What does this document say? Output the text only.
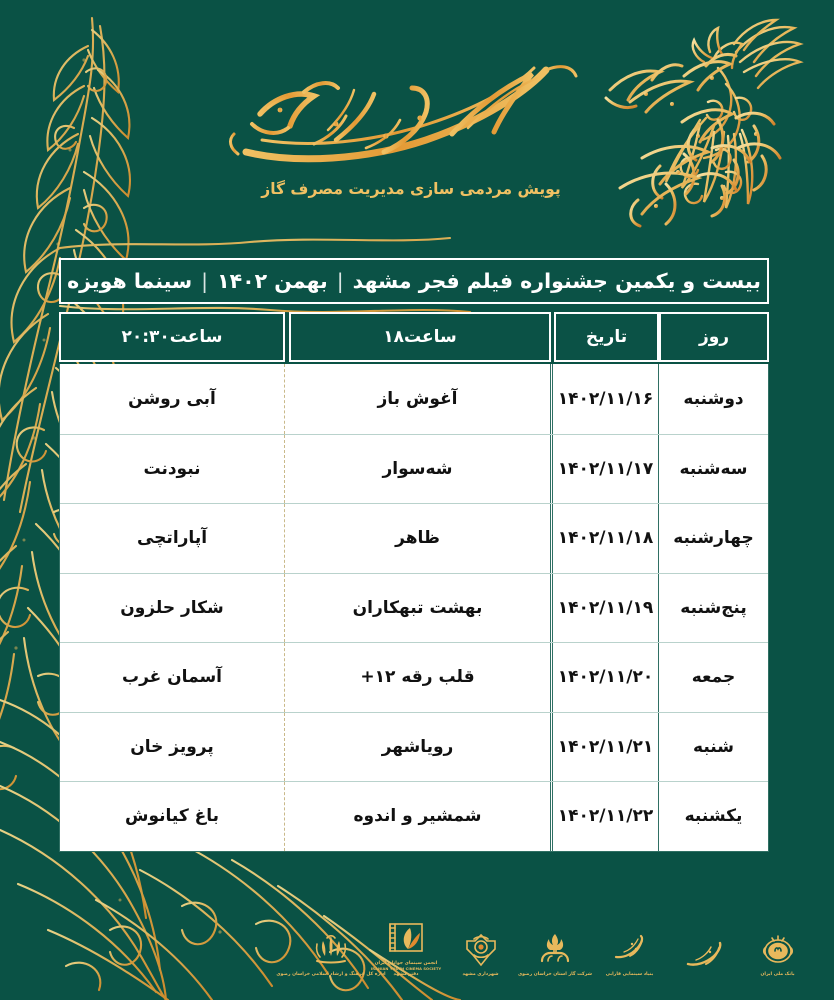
پویش مردمی سازی مدیریت مصرف گاز
بیست و یکمین جشنواره فیلم فجر مشهد|بهمن ۱۴۰۲|سینما هویزه
روز
تاریخ
ساعت۱۸
ساعت۲۰:۳۰
دوشنبه
۱۴۰۲/۱۱/۱۶
آغوش باز
آبی روشن
سه‌شنبه
۱۴۰۲/۱۱/۱۷
شه‌سوار
نبودنت
چهارشنبه
۱۴۰۲/۱۱/۱۸
ظاهر
آپاراتچی
پنج‌شنبه
۱۴۰۲/۱۱/۱۹
بهشت تبهکاران
شکار حلزون
جمعه
۱۴۰۲/۱۱/۲۰
قلب رقه ۱۲+
آسمان غرب
شنبه
۱۴۰۲/۱۱/۲۱
رویاشهر
پرویز خان
یکشنبه
۱۴۰۲/۱۱/۲۲
شمشیر و اندوه
باغ کیانوش
بانک ملی ایران
بنیاد سینمایی فارابی
شرکت گاز استان خراسان رضوی
شهرداری مشهد
انجمن سینمای جوانان ایران
IRANIAN YOUTH CINEMA SOCIETY
دفتر مشهد
اداره کل فرهنگ و ارشاد اسلامی خراسان رضوی
